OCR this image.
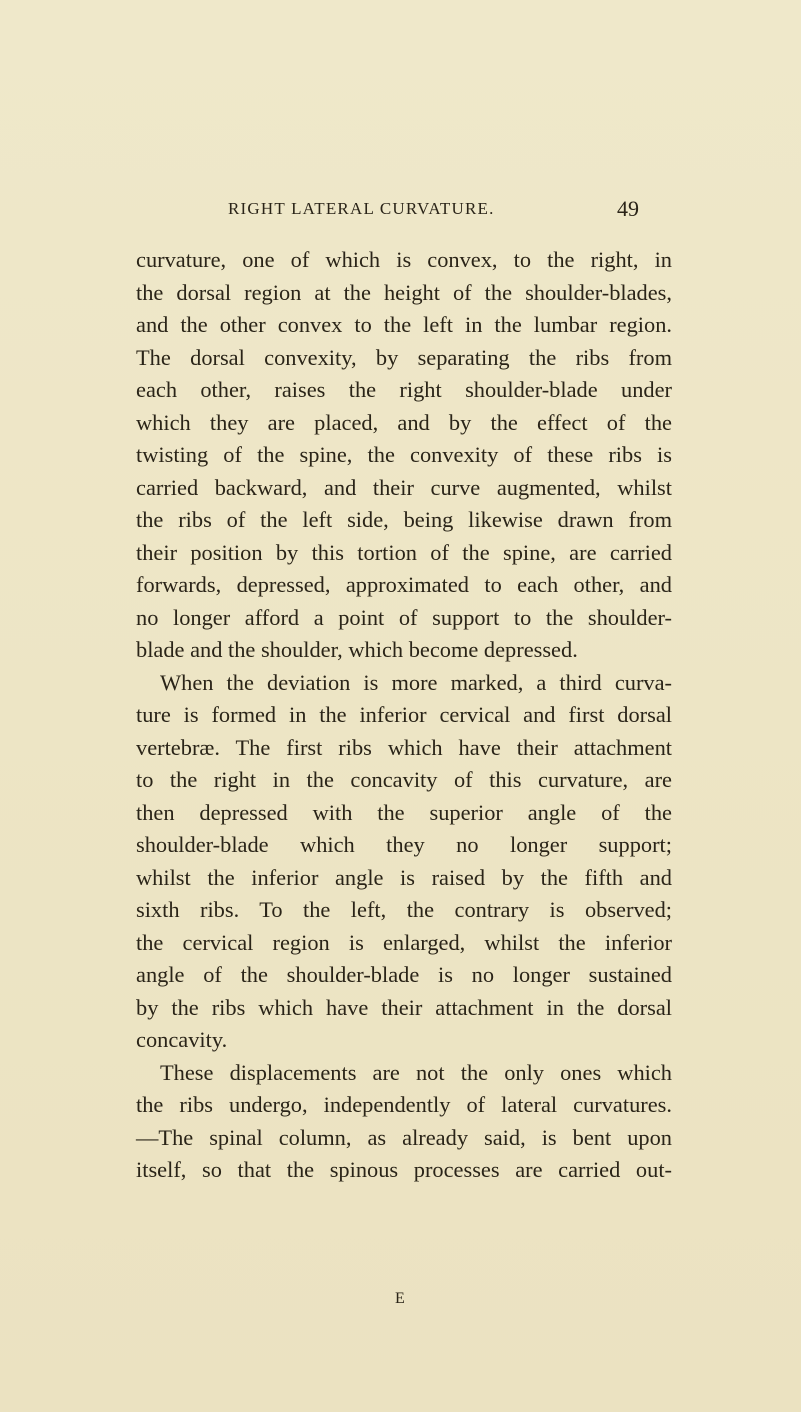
RIGHT LATERAL CURVATURE.	49
curvature, one of which is convex, to the right, in
the dorsal region at the height of the shoulder-blades,
and the other convex to the left in the lumbar region.
The dorsal convexity, by separating the ribs from
each other, raises the right shoulder-blade under
which they are placed, and by the effect of the
twisting of the spine, the convexity of these ribs is
carried backward, and their curve augmented, whilst
the ribs of the left side, being likewise drawn from
their position by this tortion of the spine, are carried
forwards, depressed, approximated to each other, and
no longer afford a point of support to the shoulder-
blade and the shoulder, which become depressed.
When the deviation is more marked, a third curva-
ture is formed in the inferior cervical and first dorsal
vertebræ. The first ribs which have their attachment
to the right in the concavity of this curvature, are
then depressed with the superior angle of the
shoulder-blade which they no longer support;
whilst the inferior angle is raised by the fifth and
sixth ribs. To the left, the contrary is observed;
the cervical region is enlarged, whilst the inferior
angle of the shoulder-blade is no longer sustained
by the ribs which have their attachment in the dorsal
concavity.
These displacements are not the only ones which
the ribs undergo, independently of lateral curvatures.
—The spinal column, as already said, is bent upon
itself, so that the spinous processes are carried out-
E
